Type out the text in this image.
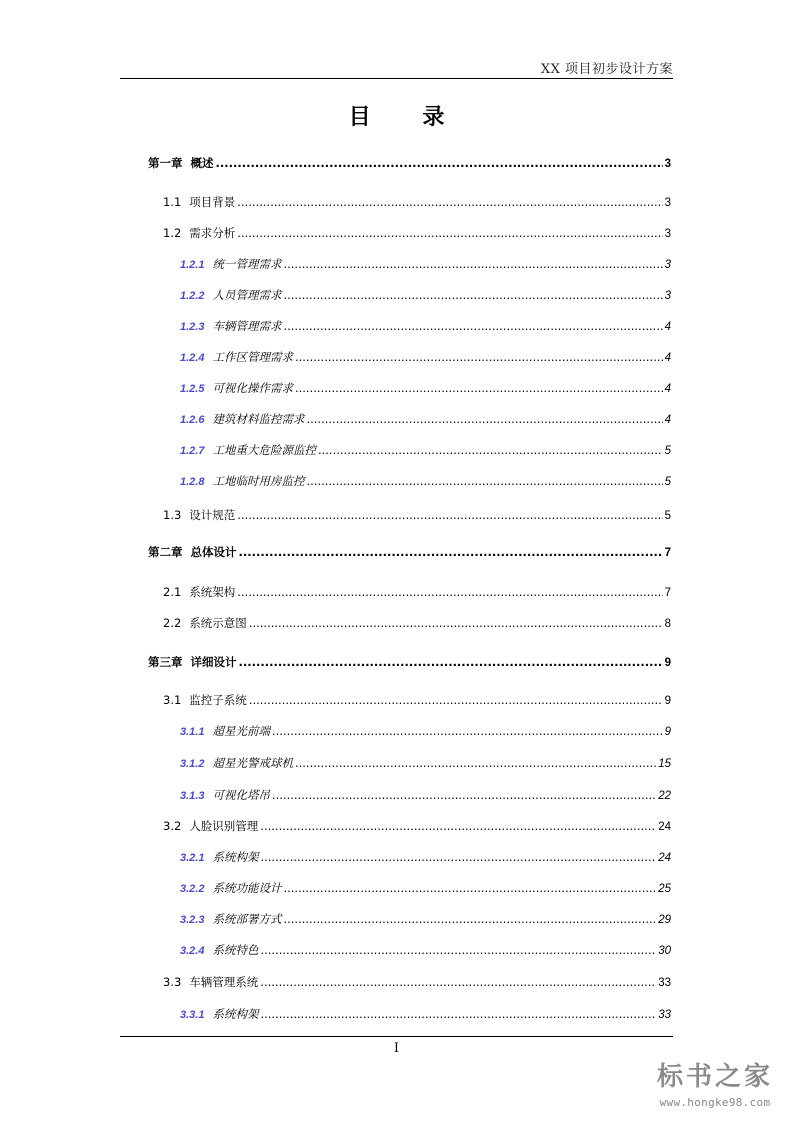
XX 项目初步设计方案
目 录
第一章 概述 .....	3
1.1 项目背景 .....	3
1.2 需求分析 .....	3
1.2.1 统一管理需求 .....	3
1.2.2 人员管理需求 .....	3
1.2.3 车辆管理需求 .....	4
1.2.4 工作区管理需求 .....	4
1.2.5 可视化操作需求 .....	4
1.2.6 建筑材料监控需求 .....	4
1.2.7 工地重大危险源监控 .....	5
1.2.8 工地临时用房监控 .....	5
1.3 设计规范 .....	5
第二章 总体设计 .....	7
2.1 系统架构 .....	7
2.2 系统示意图 .....	8
第三章 详细设计 .....	9
3.1 监控子系统 .....	9
3.1.1 超星光前端 .....	9
3.1.2 超星光警戒球机 .....	15
3.1.3 可视化塔吊 .....	22
3.2 人脸识别管理 .....	24
3.2.1 系统构架 .....	24
3.2.2 系统功能设计 .....	25
3.2.3 系统部署方式 .....	29
3.2.4 系统特色 .....	30
3.3 车辆管理系统 .....	33
3.3.1 系统构架 .....	33
I
标书之家
www.hongke98.com
